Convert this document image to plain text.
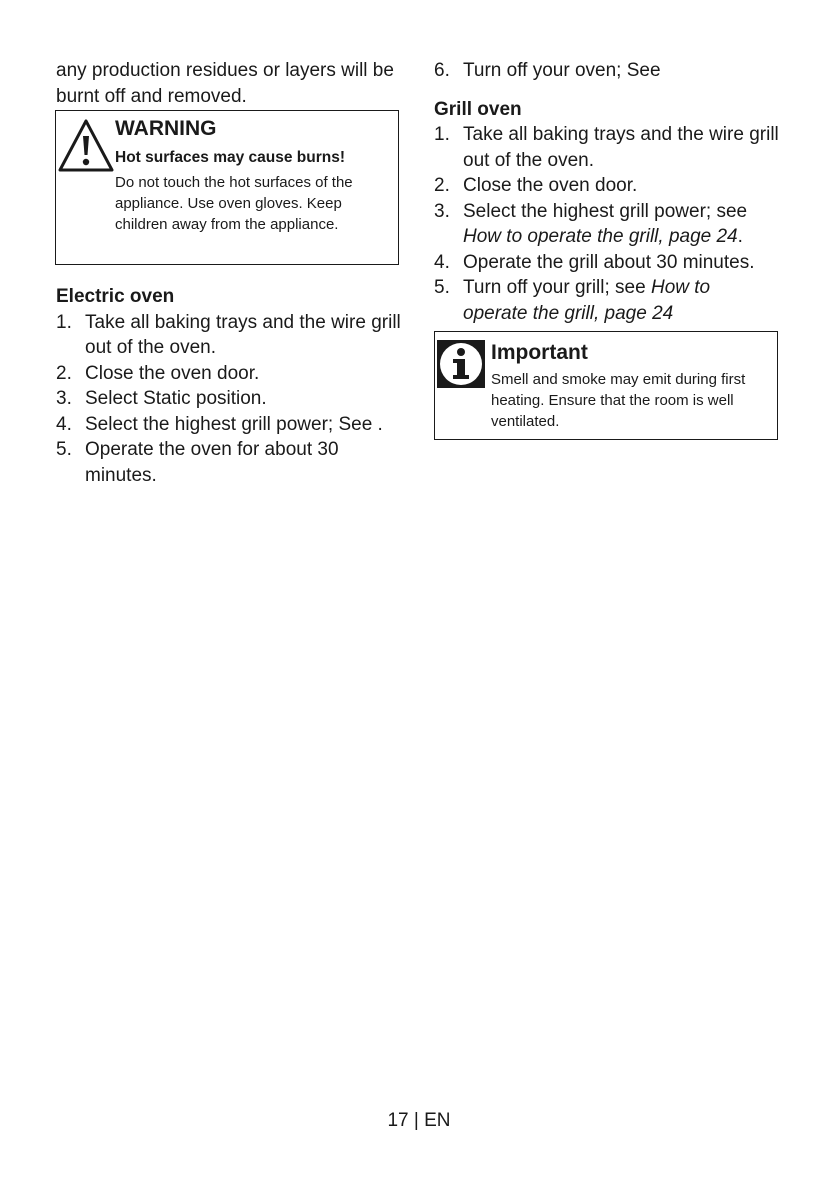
any production residues or layers will be burnt off and removed.

WARNING
Hot surfaces may cause burns!
Do not touch the hot surfaces of the appliance. Use oven gloves. Keep children away from the appliance.
Electric oven
1. Take all baking trays and the wire grill out of the oven.
2. Close the oven door.
3. Select Static position.
4. Select the highest grill power; See .
5. Operate the oven for about 30 minutes.
6. Turn off your oven; See
Grill oven
1. Take all baking trays and the wire grill out of the oven.
2. Close the oven door.
3. Select the highest grill power; see How to operate the grill, page 24.
4. Operate the grill about 30 minutes.
5. Turn off your grill; see How to operate the grill, page 24
Important
Smell and smoke may emit during first heating. Ensure that the room is well ventilated.
17 | EN
